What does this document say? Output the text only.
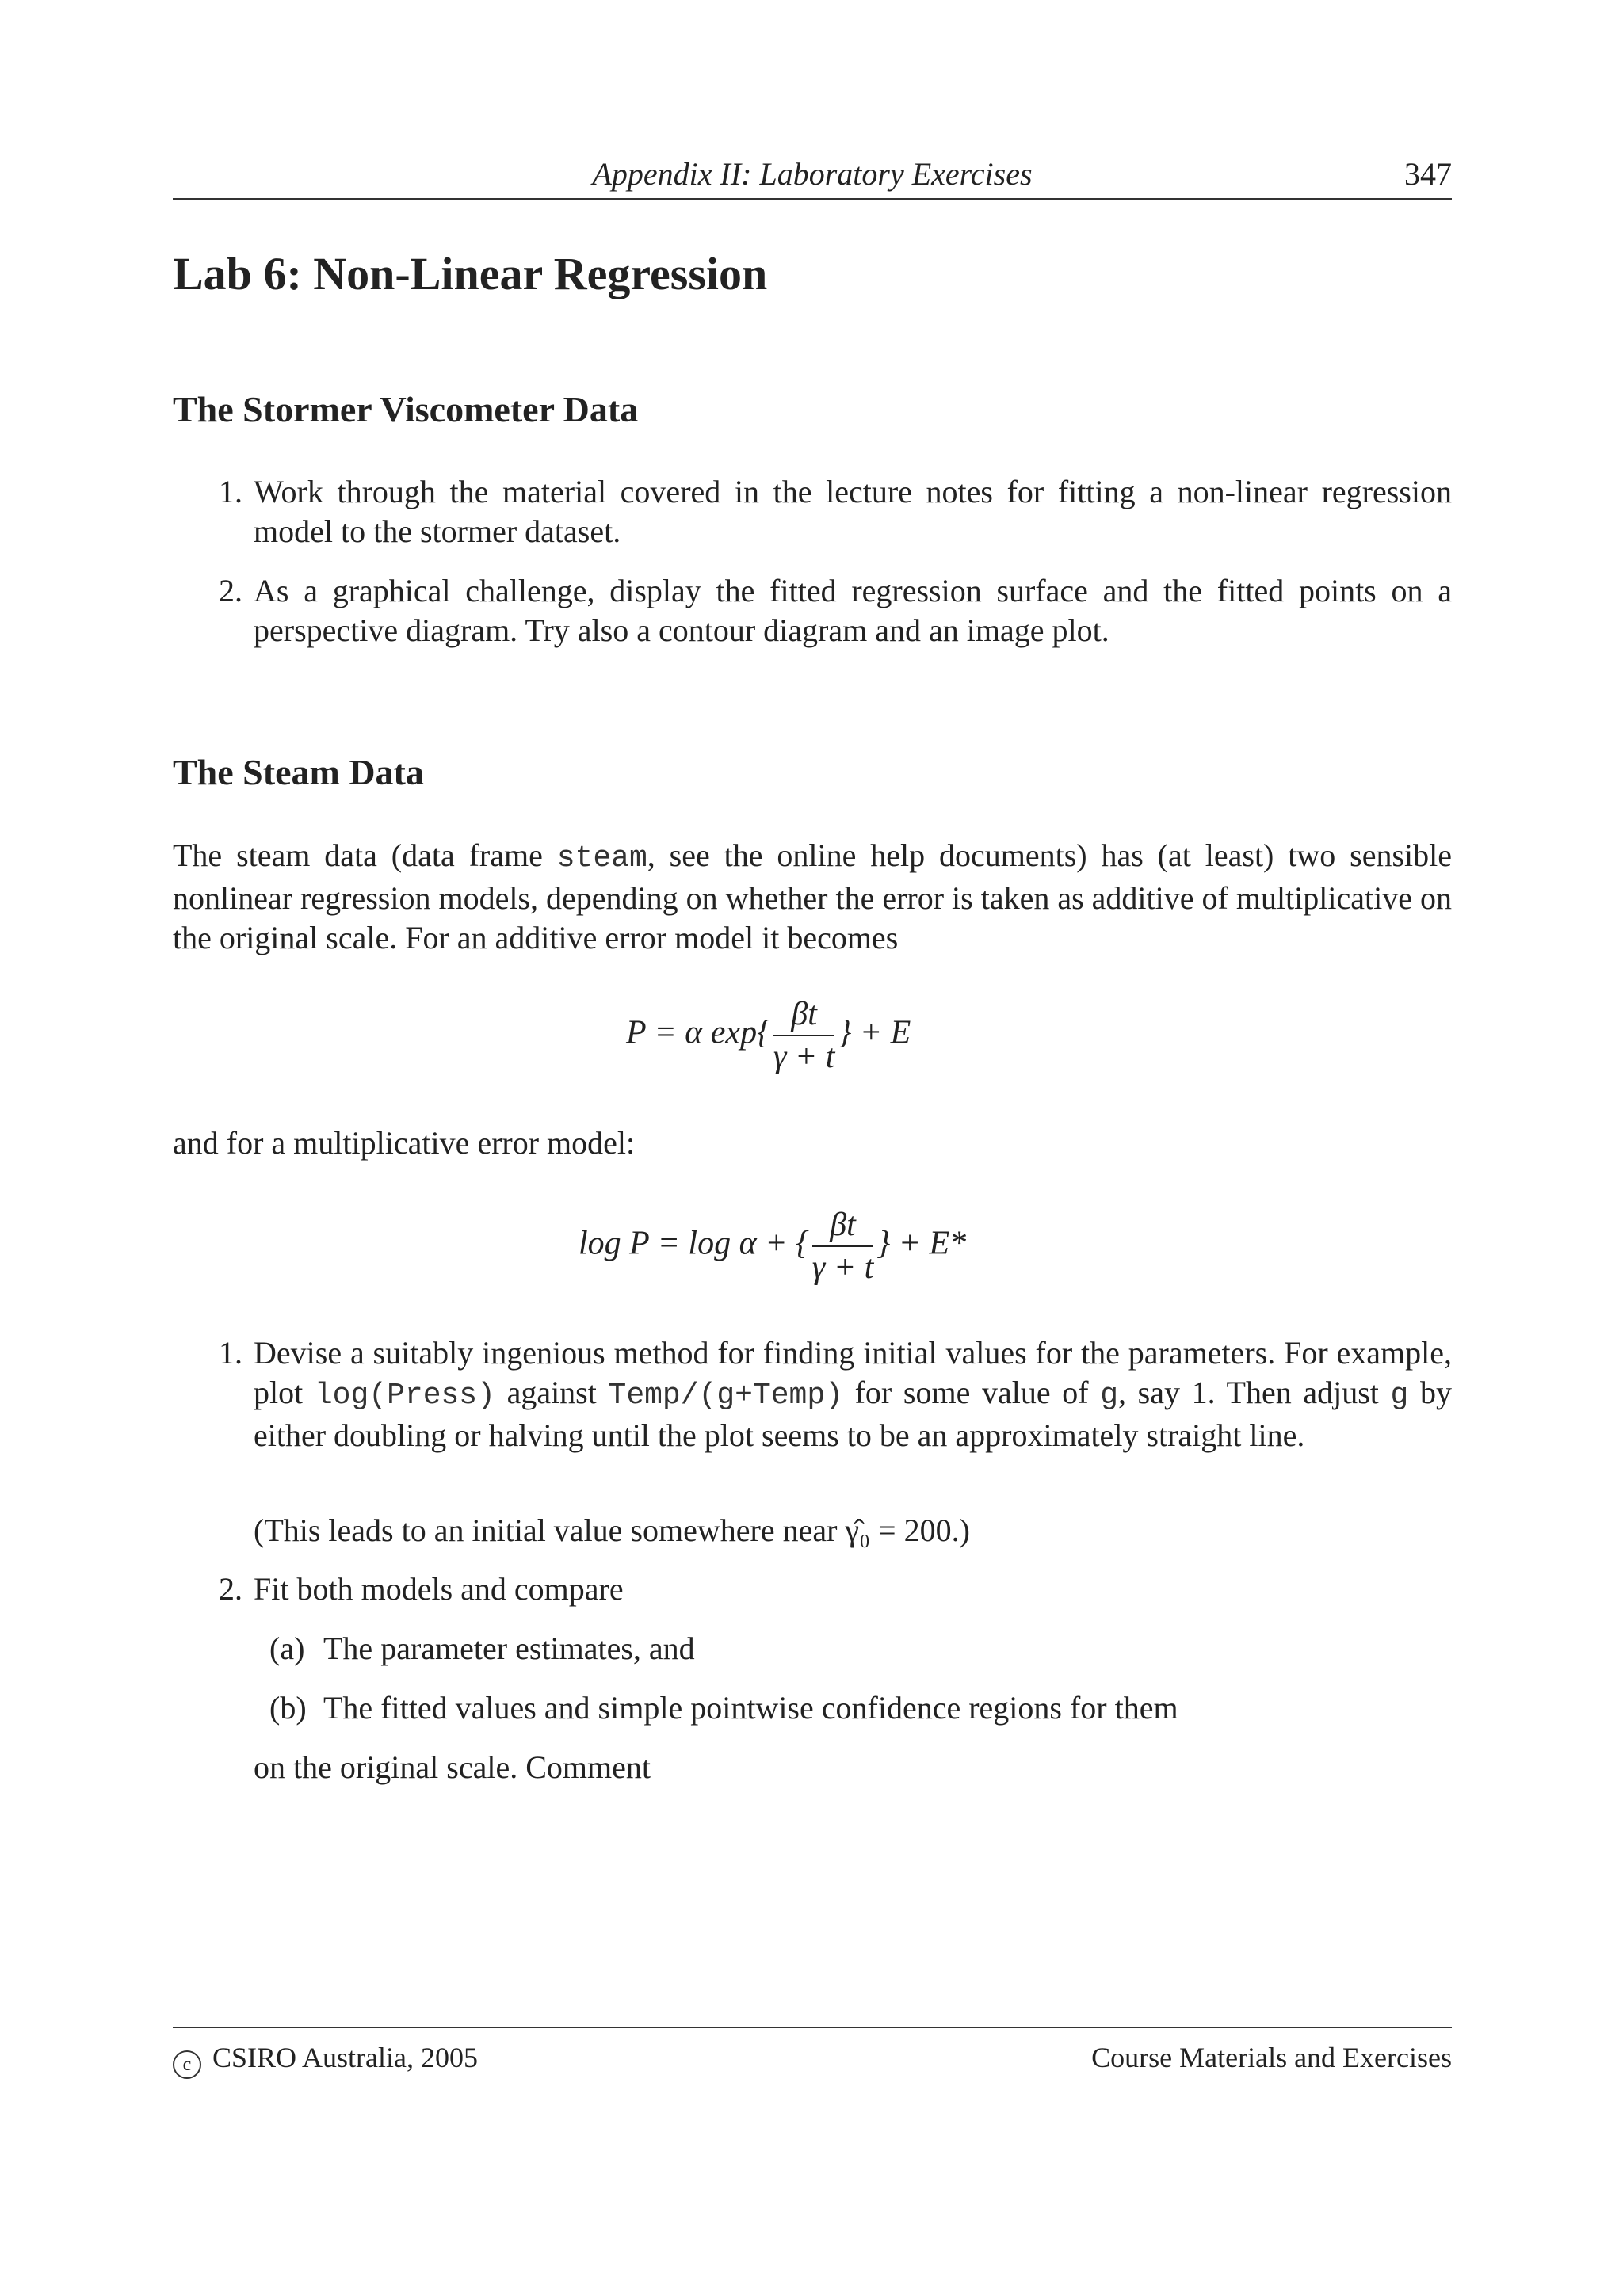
Appendix II: Laboratory Exercises	347
Lab 6: Non-Linear Regression
The Stormer Viscometer Data
1. Work through the material covered in the lecture notes for fitting a non-linear regression model to the stormer dataset.
2. As a graphical challenge, display the fitted regression surface and the fitted points on a perspective diagram. Try also a contour diagram and an image plot.
The Steam Data
The steam data (data frame steam, see the online help documents) has (at least) two sensible nonlinear regression models, depending on whether the error is taken as additive of multiplicative on the original scale. For an additive error model it becomes
P = α $\exp\{ \frac{\beta t}{\gamma + t}$ } + E
and for a multiplicative error model:
log P = log α + { $\frac{\beta t}{\gamma + t}$ } + E*
1. Devise a suitably ingenious method for finding initial values for the parameters. For example, plot log(Press) against Temp/(g+Temp) for some value of g, say 1. Then adjust g by either doubling or halving until the plot seems to be an approximately straight line.
(This leads to an initial value somewhere near γ̂₀ = 200.)
2. Fit both models and compare
(a) The parameter estimates, and
(b) The fitted values and simple pointwise confidence regions for them
on the original scale. Comment
c CSIRO Australia, 2005	Course Materials and Exercises
